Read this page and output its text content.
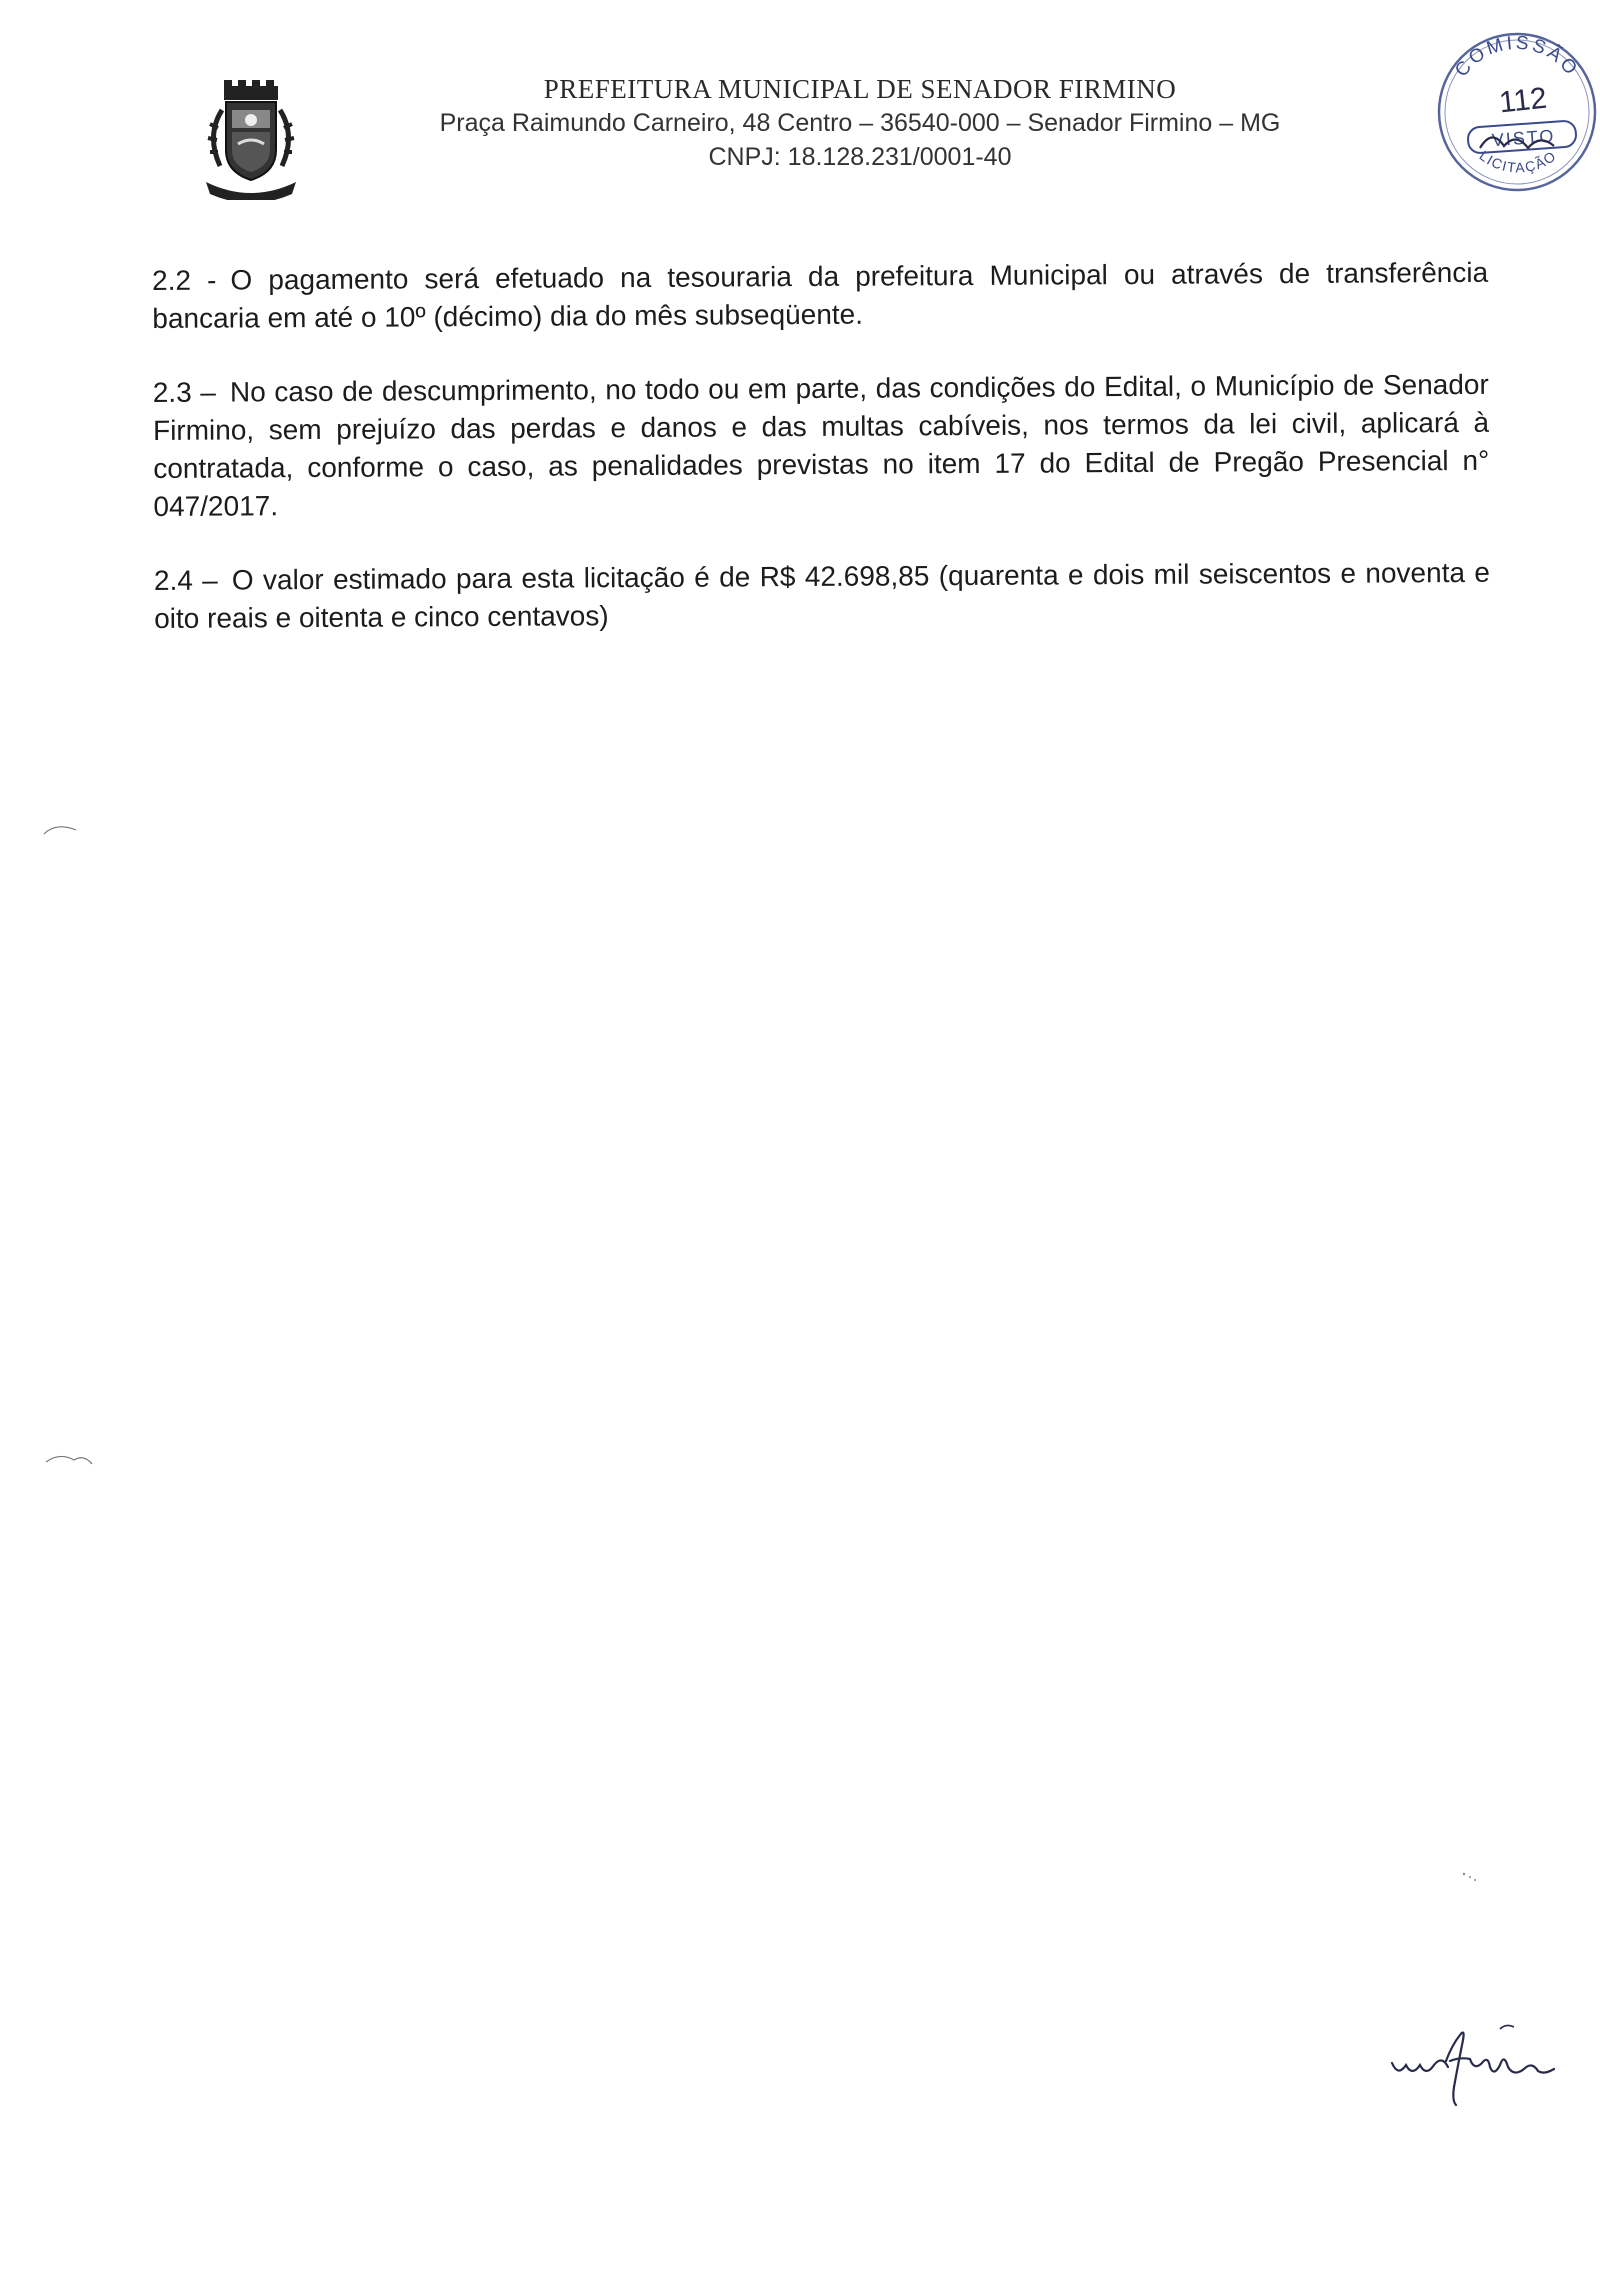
PREFEITURA MUNICIPAL DE SENADOR FIRMINO
Praça Raimundo Carneiro, 48 Centro – 36540-000 – Senador Firmino – MG
CNPJ: 18.128.231/0001-40
COMISSÃO
112
VISTO
LICITAÇÃO

2.2 - O pagamento será efetuado na tesouraria da prefeitura Municipal ou através de transferência bancaria em até o 10º (décimo) dia do mês subseqüente.

2.3 – No caso de descumprimento, no todo ou em parte, das condições do Edital, o Município de Senador Firmino, sem prejuízo das perdas e danos e das multas cabíveis, nos termos da lei civil, aplicará à contratada, conforme o caso, as penalidades previstas no item 17 do Edital de Pregão Presencial n° 047/2017.

2.4 – O valor estimado para esta licitação é de R$ 42.698,85 (quarenta e dois mil seiscentos e noventa e oito reais e oitenta e cinco centavos)
